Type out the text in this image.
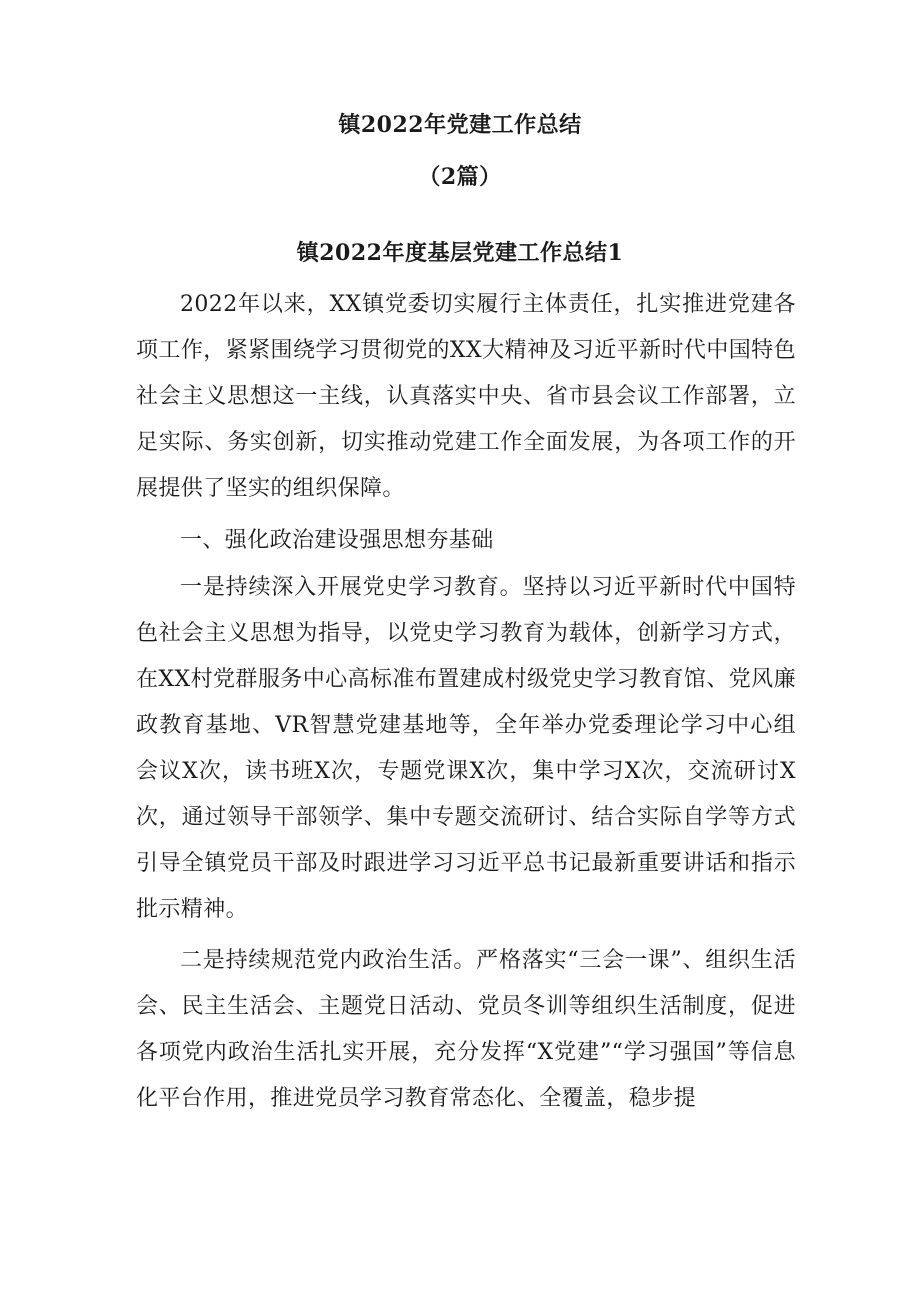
镇2022年党建工作总结
（2篇）
镇2022年度基层党建工作总结1

2022年以来，XX镇党委切实履行主体责任，扎实推进党建各项工作，紧紧围绕学习贯彻党的XX大精神及习近平新时代中国特色社会主义思想这一主线，认真落实中央、省市县会议工作部署，立足实际、务实创新，切实推动党建工作全面发展，为各项工作的开展提供了坚实的组织保障。

一、强化政治建设强思想夯基础

一是持续深入开展党史学习教育。坚持以习近平新时代中国特色社会主义思想为指导，以党史学习教育为载体，创新学习方式，在XX村党群服务中心高标准布置建成村级党史学习教育馆、党风廉政教育基地、VR智慧党建基地等，全年举办党委理论学习中心组会议X次，读书班X次，专题党课X次，集中学习X次，交流研讨X次，通过领导干部领学、集中专题交流研讨、结合实际自学等方式引导全镇党员干部及时跟进学习习近平总书记最新重要讲话和指示批示精神。

二是持续规范党内政治生活。严格落实“三会一课”、组织生活会、民主生活会、主题党日活动、党员冬训等组织生活制度，促进各项党内政治生活扎实开展，充分发挥“X党建”“学习强国”等信息化平台作用，推进党员学习教育常态化、全覆盖，稳步提
